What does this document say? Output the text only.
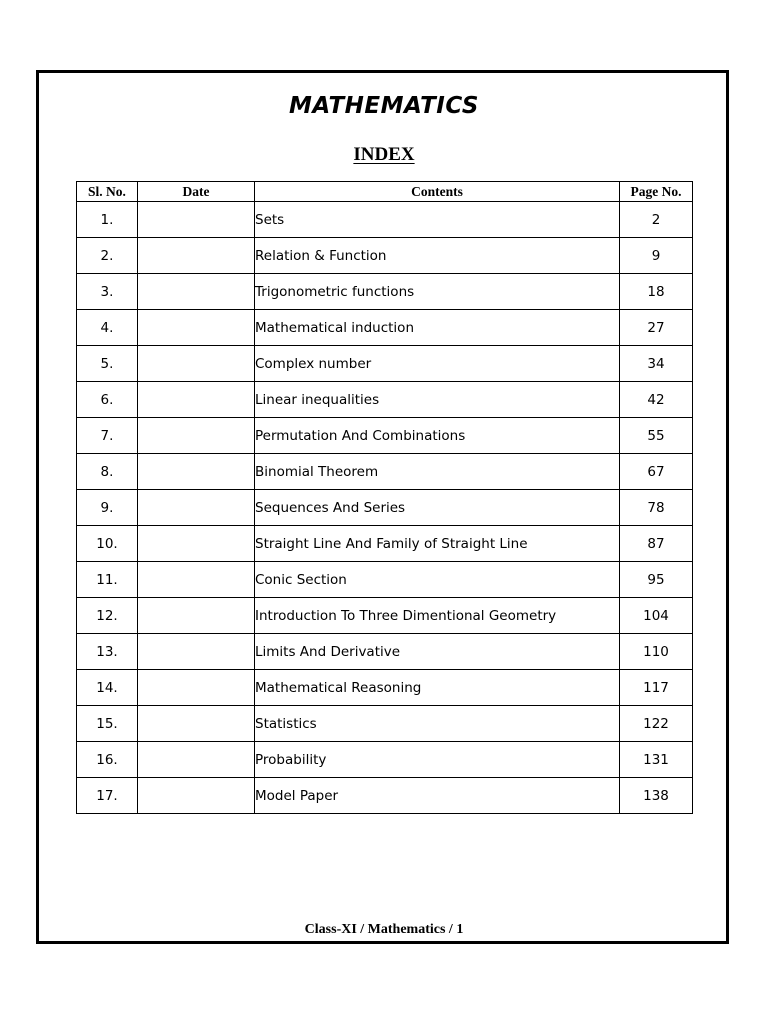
MATHEMATICS
INDEX
Sl. No.	Date	Contents	Page No.
1.		Sets	2
2.		Relation & Function	9
3.		Trigonometric functions	18
4.		Mathematical induction	27
5.		Complex number	34
6.		Linear inequalities	42
7.		Permutation And Combinations	55
8.		Binomial Theorem	67
9.		Sequences And Series	78
10.		Straight Line And Family of Straight Line	87
11.		Conic Section	95
12.		Introduction To Three Dimentional Geometry	104
13.		Limits And Derivative	110
14.		Mathematical Reasoning	117
15.		Statistics	122
16.		Probability	131
17.		Model Paper	138
Class-XI / Mathematics / 1
